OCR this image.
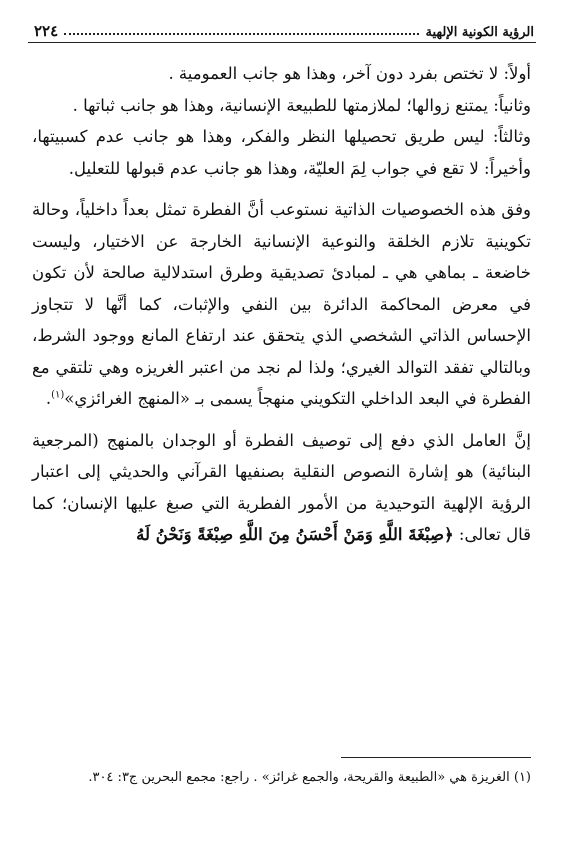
الرؤية الكونية الإلهية
٢٢٤

أولاً: لا تختص بفرد دون آخر، وهذا هو جانب العمومية .

وثانياً: يمتنع زوالها؛ لملازمتها للطبيعة الإنسانية، وهذا هو جانب ثباتها .

وثالثاً: ليس طريق تحصيلها النظر والفكر، وهذا هو جانب عدم كسبيتها، وأخيراً: لا تقع في جواب لِمَ العليّة، وهذا هو جانب عدم قبولها للتعليل.

وفق هذه الخصوصيات الذاتية نستوعب أنَّ الفطرة تمثل بعداً داخلياً، وحالة تكوينية تلازم الخلقة والنوعية الإنسانية الخارجة عن الاختيار، وليست خاضعة ـ بماهي هي ـ لمبادئ تصديقية وطرق استدلالية صالحة لأن تكون في معرض المحاكمة الدائرة بين النفي والإثبات، كما أنَّها لا تتجاوز الإحساس الذاتي الشخصي الذي يتحقق عند ارتفاع المانع ووجود الشرط، وبالتالي تفقد التوالد الغيري؛ ولذا لم نجد من اعتبر الغريزه وهي تلتقي مع الفطرة في البعد الداخلي التكويني منهجاً يسمى بـ «المنهج الغرائزي»$^{(١)}$.

إنَّ العامل الذي دفع إلى توصيف الفطرة أو الوجدان بالمنهج (المرجعية البنائية) هو إشارة النصوص النقلية بصنفيها القرآني والحديثي إلى اعتبار الرؤية الإلهية التوحيدية من الأمور الفطرية التي صبغ عليها الإنسان؛ كما قال تعالى: ﴿صِبْغَةَ اللَّهِ وَمَنْ أَحْسَنُ مِنَ اللَّهِ صِبْغَةً وَنَحْنُ لَهُ

(١) الغريزة هي «الطبيعة والقريحة، والجمع غرائز» . راجع: مجمع البحرين ج٣: ٣٠٤.
